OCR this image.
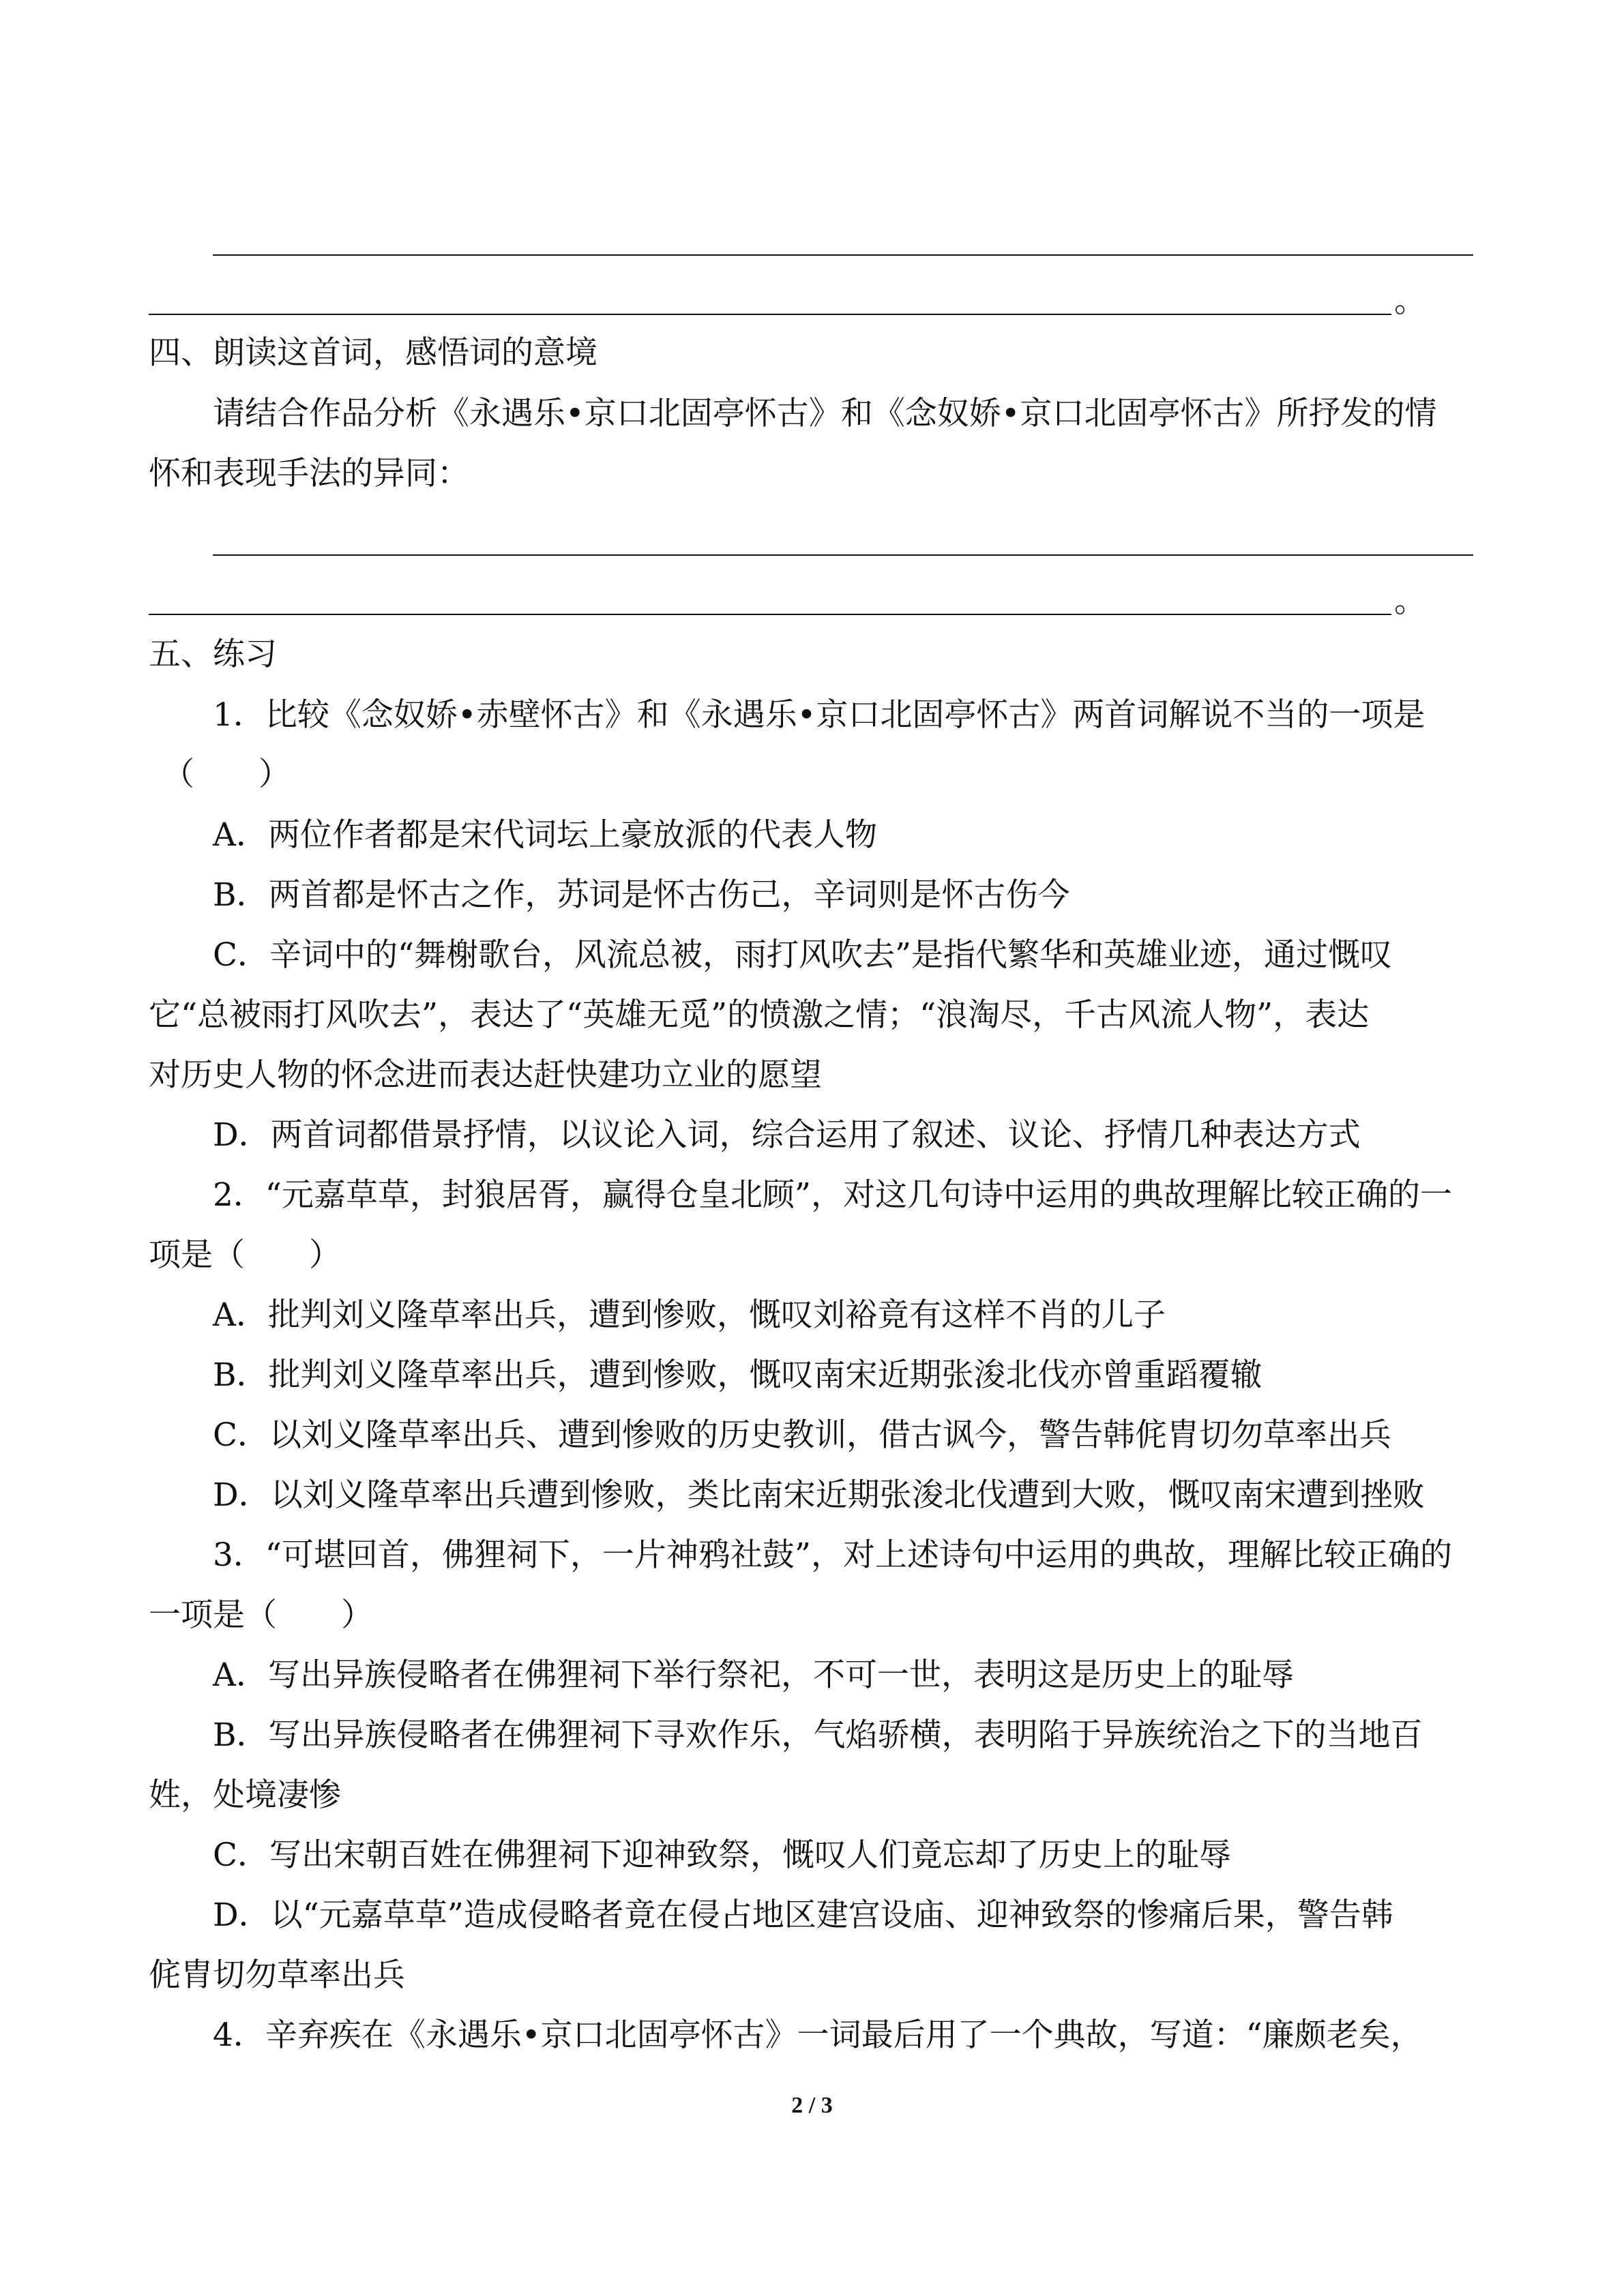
。

四、朗读这首词，感悟词的意境

请结合作品分析《永遇乐•京口北固亭怀古》和《念奴娇•京口北固亭怀古》所抒发的情

怀和表现手法的异同：

。

五、练习

1．比较《念奴娇•赤壁怀古》和《永遇乐•京口北固亭怀古》两首词解说不当的一项是

（　　）

A．两位作者都是宋代词坛上豪放派的代表人物

B．两首都是怀古之作，苏词是怀古伤己，辛词则是怀古伤今

C．辛词中的“舞榭歌台，风流总被，雨打风吹去”是指代繁华和英雄业迹，通过慨叹

它“总被雨打风吹去”，表达了“英雄无觅”的愤激之情；“浪淘尽，千古风流人物”，表达

对历史人物的怀念进而表达赶快建功立业的愿望

D．两首词都借景抒情，以议论入词，综合运用了叙述、议论、抒情几种表达方式

2．“元嘉草草，封狼居胥，赢得仓皇北顾”，对这几句诗中运用的典故理解比较正确的一

项是（　　）

A．批判刘义隆草率出兵，遭到惨败，慨叹刘裕竟有这样不肖的儿子

B．批判刘义隆草率出兵，遭到惨败，慨叹南宋近期张浚北伐亦曾重蹈覆辙

C．以刘义隆草率出兵、遭到惨败的历史教训，借古讽今，警告韩侂胄切勿草率出兵

D．以刘义隆草率出兵遭到惨败，类比南宋近期张浚北伐遭到大败，慨叹南宋遭到挫败

3．“可堪回首，佛狸祠下，一片神鸦社鼓”，对上述诗句中运用的典故，理解比较正确的

一项是（　　）

A．写出异族侵略者在佛狸祠下举行祭祀，不可一世，表明这是历史上的耻辱

B．写出异族侵略者在佛狸祠下寻欢作乐，气焰骄横，表明陷于异族统治之下的当地百

姓，处境凄惨

C．写出宋朝百姓在佛狸祠下迎神致祭，慨叹人们竟忘却了历史上的耻辱

D．以“元嘉草草”造成侵略者竟在侵占地区建宫设庙、迎神致祭的惨痛后果，警告韩

侂胄切勿草率出兵

4．辛弃疾在《永遇乐•京口北固亭怀古》一词最后用了一个典故，写道：“廉颇老矣，

2 / 3
